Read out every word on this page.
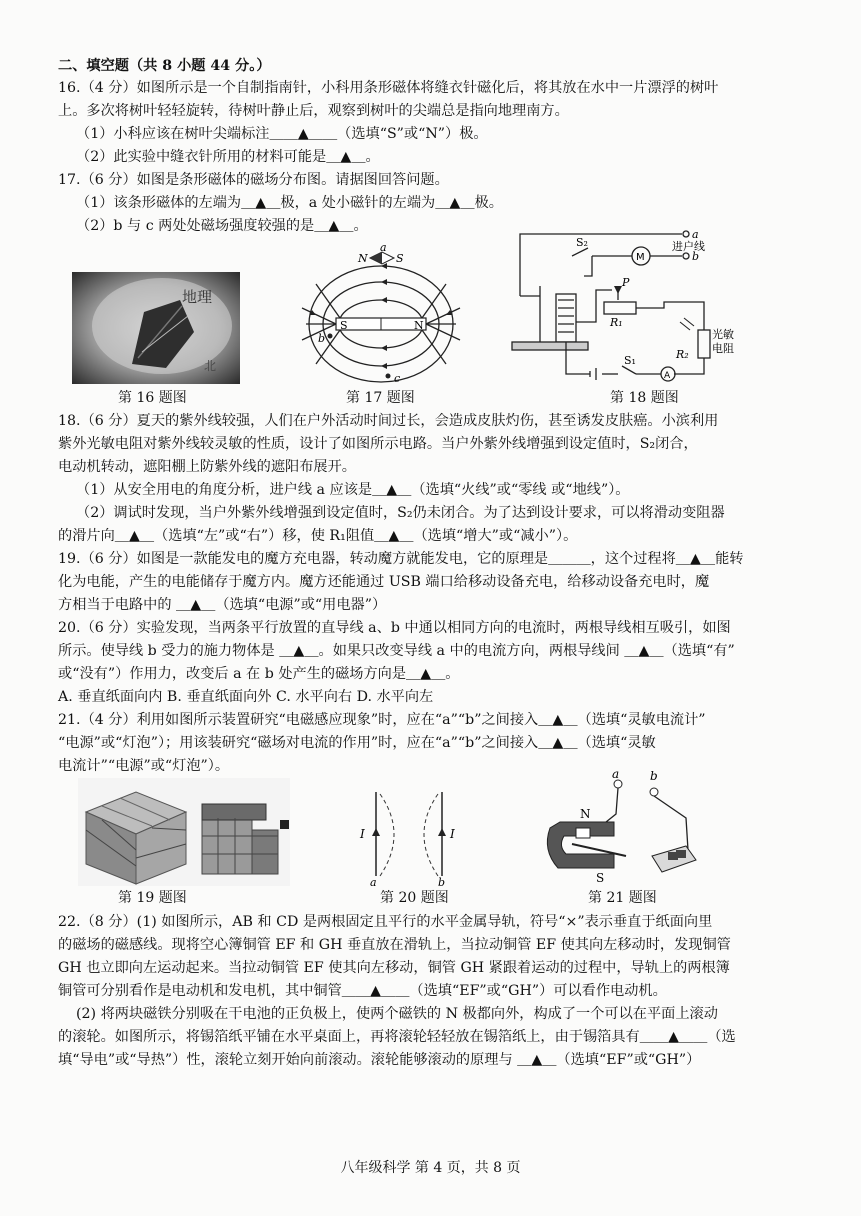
二、填空题（共 8 小题 44 分。）
16.（4 分）如图所示是一个自制指南针，小科用条形磁体将缝衣针磁化后，将其放在水中一片漂浮的树叶
上。多次将树叶轻轻旋转，待树叶静止后，观察到树叶的尖端总是指向地理南方。
（1）小科应该在树叶尖端标注＿＿▲＿＿（选填“S”或“N”）极。
（2）此实验中缝衣针所用的材料可能是＿▲＿。
17.（6 分）如图是条形磁体的磁场分布图。请据图回答问题。
（1）该条形磁体的左端为＿▲＿极，a 处小磁针的左端为＿▲＿极。
（2）b 与 c 两处处磁场强度较强的是＿▲＿。
地理
北
第 16 题图
S	N
N	S
a
b
c
第 17 题图
S₂
a
b
进户线
M
P
R₁
R₂
光敏
电阻
S₁
A
第 18 题图
18.（6 分）夏天的紫外线较强，人们在户外活动时间过长，会造成皮肤灼伤，甚至诱发皮肤癌。小滨利用
紫外光敏电阻对紫外线较灵敏的性质，设计了如图所示电路。当户外紫外线增强到设定值时，S₂闭合，
电动机转动，遮阳棚上防紫外线的遮阳布展开。
（1）从安全用电的角度分析，进户线 a 应该是＿▲＿（选填“火线”或“零线 或“地线”）。
（2）调试时发现，当户外紫外线增强到设定值时，S₂仍未闭合。为了达到设计要求，可以将滑动变阻器
的滑片向＿▲＿（选填“左”或“右”）移，使 R₁阻值＿▲＿（选填“增大”或“减小”）。
19.（6 分）如图是一款能发电的魔方充电器，转动魔方就能发电，它的原理是＿＿＿，这个过程将＿▲＿能转
化为电能，产生的电能储存于魔方内。魔方还能通过 USB 端口给移动设备充电，给移动设备充电时，魔
方相当于电路中的 ＿▲＿（选填“电源”或“用电器”）
20.（6 分）实验发现，当两条平行放置的直导线 a、b 中通以相同方向的电流时，两根导线相互吸引，如图
所示。使导线 b 受力的施力物体是 ＿▲＿。如果只改变导线 a 中的电流方向，两根导线间 ＿▲＿（选填“有”
或“没有”）作用力，改变后 a 在 b 处产生的磁场方向是＿▲＿。
A. 垂直纸面向内 B. 垂直纸面向外 C. 水平向右 D. 水平向左
21.（4 分）利用如图所示装置研究“电磁感应现象”时，应在“a”“b”之间接入＿▲＿（选填“灵敏电流计”
“电源”或“灯泡”）；用该装研究“磁场对电流的作用”时，应在“a”“b”之间接入＿▲＿（选填“灵敏
电流计”“电源”或“灯泡”）。
第 19 题图
I	I
a	b
第 20 题图
a	b
N
S
第 21 题图
22.（8 分）(1) 如图所示，AB 和 CD 是两根固定且平行的水平金属导轨，符号“×”表示垂直于纸面向里
的磁场的磁感线。现将空心簿铜管 EF 和 GH 垂直放在滑轨上，当拉动铜管 EF 使其向左移动时，发现铜管
GH 也立即向左运动起来。当拉动铜管 EF 使其向左移动，铜管 GH 紧跟着运动的过程中，导轨上的两根簿
铜管可分别看作是电动机和发电机，其中铜管＿＿▲＿＿（选填“EF”或“GH”）可以看作电动机。
(2) 将两块磁铁分别吸在干电池的正负极上，使两个磁铁的 N 极都向外，构成了一个可以在平面上滚动
的滚轮。如图所示，将锡箔纸平铺在水平桌面上，再将滚轮轻轻放在锡箔纸上，由于锡箔具有＿＿▲＿＿（选
填“导电”或“导热”）性，滚轮立刻开始向前滚动。滚轮能够滚动的原理与 ＿▲＿（选填“EF”或“GH”）
八年级科学 第 4 页，共 8 页
